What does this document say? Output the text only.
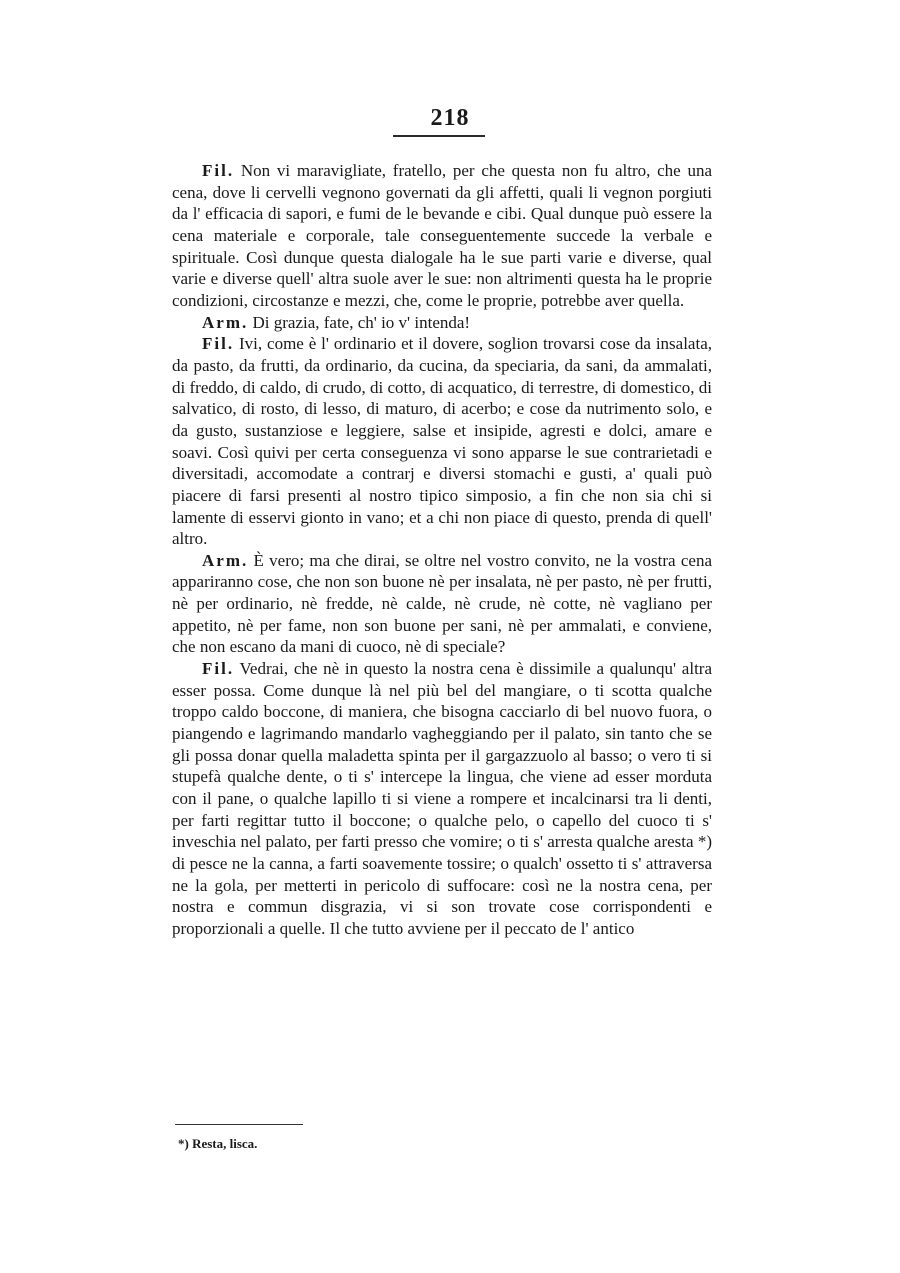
218

Fil. Non vi maravigliate, fratello, per che questa non fu altro, che una cena, dove li cervelli vegnono governati da gli affetti, quali li vegnon porgiuti da l' efficacia di sapori, e fumi de le bevande e cibi. Qual dunque può essere la cena materiale e corporale, tale conseguentemente succede la verbale e spirituale. Così dunque questa dialogale ha le sue parti varie e diverse, qual varie e diverse quell' altra suole aver le sue: non altrimenti questa ha le proprie condizioni, circostanze e mezzi, che, come le proprie, potrebbe aver quella.

Arm. Di grazia, fate, ch' io v' intenda!

Fil. Ivi, come è l' ordinario et il dovere, soglion trovarsi cose da insalata, da pasto, da frutti, da ordinario, da cucina, da speciaria, da sani, da ammalati, di freddo, di caldo, di crudo, di cotto, di acquatico, di terrestre, di domestico, di salvatico, di rosto, di lesso, di maturo, di acerbo; e cose da nutrimento solo, e da gusto, sustanziose e leggiere, salse et insipide, agresti e dolci, amare e soavi. Così quivi per certa conseguenza vi sono apparse le sue contrarietadi e diversitadi, accomodate a contrarj e diversi stomachi e gusti, a' quali può piacere di farsi presenti al nostro tipico simposio, a fin che non sia chi si lamente di esservi gionto in vano; et a chi non piace di questo, prenda di quell' altro.

Arm. È vero; ma che dirai, se oltre nel vostro convito, ne la vostra cena appariranno cose, che non son buone nè per insalata, nè per pasto, nè per frutti, nè per ordinario, nè fredde, nè calde, nè crude, nè cotte, nè vagliano per appetito, nè per fame, non son buone per sani, nè per ammalati, e conviene, che non escano da mani di cuoco, nè di speciale?

Fil. Vedrai, che nè in questo la nostra cena è dissimile a qualunqu' altra esser possa. Come dunque là nel più bel del mangiare, o ti scotta qualche troppo caldo boccone, di maniera, che bisogna cacciarlo di bel nuovo fuora, o piangendo e lagrimando mandarlo vagheggiando per il palato, sin tanto che se gli possa donar quella maladetta spinta per il gargazzuolo al basso; o vero ti si stupefà qualche dente, o ti s' intercepe la lingua, che viene ad esser morduta con il pane, o qualche lapillo ti si viene a rompere et incalcinarsi tra li denti, per farti regittar tutto il boccone; o qualche pelo, o capello del cuoco ti s' inveschia nel palato, per farti presso che vomire; o ti s' arresta qualche aresta *) di pesce ne la canna, a farti soavemente tossire; o qualch' ossetto ti s' attraversa ne la gola, per metterti in pericolo di suffocare: così ne la nostra cena, per nostra e commun disgrazia, vi si son trovate cose corrispondenti e proporzionali a quelle. Il che tutto avviene per il peccato de l' antico

*) Resta, lisca.
